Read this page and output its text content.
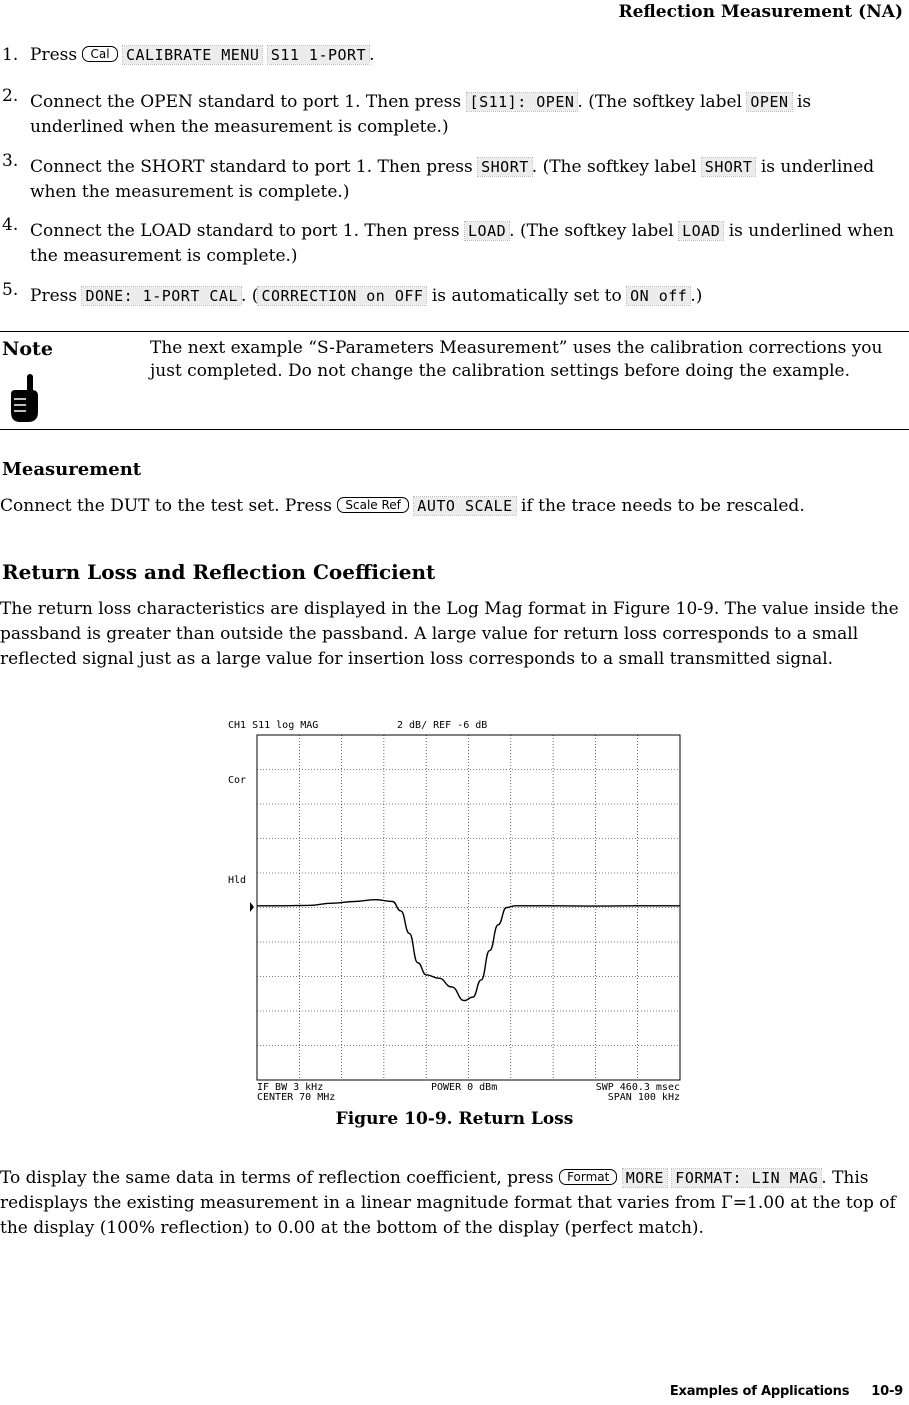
Reflection Measurement (NA)
1. Press Cal CALIBRATE MENU S11 1-PORT .
2. Connect the OPEN standard to port 1. Then press [S11]: OPEN . (The softkey label OPEN is underlined when the measurement is complete.)
3. Connect the SHORT standard to port 1. Then press SHORT . (The softkey label SHORT is underlined when the measurement is complete.)
4. Connect the LOAD standard to port 1. Then press LOAD . (The softkey label LOAD is underlined when the measurement is complete.)
5. Press DONE: 1-PORT CAL . ( CORRECTION on OFF is automatically set to ON off .)
Note	The next example “S-Parameters Measurement” uses the calibration corrections you just completed. Do not change the calibration settings before doing the example.
Measurement
Connect the DUT to the test set. Press Scale Ref AUTO SCALE if the trace needs to be rescaled.
Return Loss and Reflection Coefficient
The return loss characteristics are displayed in the Log Mag format in Figure 10-9. The value inside the passband is greater than outside the passband. A large value for return loss corresponds to a small reflected signal just as a large value for insertion loss corresponds to a small transmitted signal.
CH1 S11 log MAG	2 dB/ REF -6 dB
Cor
Hld
IF BW 3 kHz	POWER 0 dBm	SWP 460.3 msec
CENTER 70 MHz	SPAN 100 kHz
Figure 10-9. Return Loss
To display the same data in terms of reflection coefficient, press Format MORE FORMAT: LIN MAG . This redisplays the existing measurement in a linear magnitude format that varies from Γ=1.00 at the top of the display (100% reflection) to 0.00 at the bottom of the display (perfect match).
Examples of Applications 10-9
